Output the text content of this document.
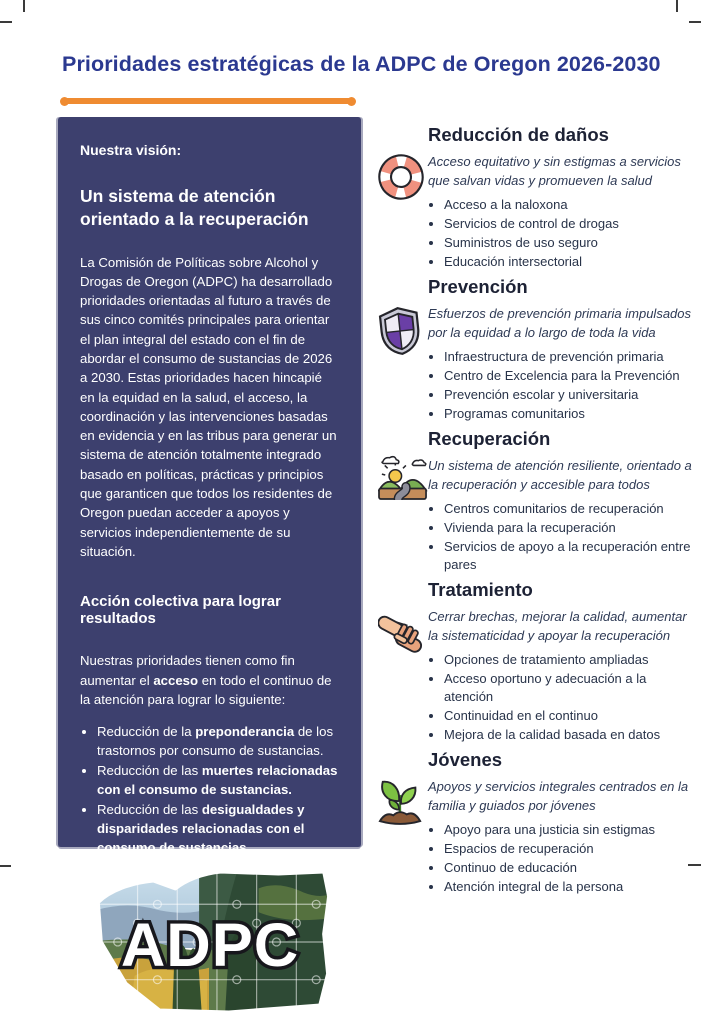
Prioridades estratégicas de la ADPC de Oregon 2026-2030
Nuestra visión:
Un sistema de atención orientado a la recuperación
La Comisión de Políticas sobre Alcohol y Drogas de Oregon (ADPC) ha desarrollado prioridades orientadas al futuro a través de sus cinco comités principales para orientar el plan integral del estado con el fin de abordar el consumo de sustancias de 2026 a 2030. Estas prioridades hacen hincapié en la equidad en la salud, el acceso, la coordinación y las intervenciones basadas en evidencia y en las tribus para generar un sistema de atención totalmente integrado basado en políticas, prácticas y principios que garanticen que todos los residentes de Oregon puedan acceder a apoyos y servicios independientemente de su situación.
Acción colectiva para lograr resultados
Nuestras prioridades tienen como fin aumentar el acceso en todo el continuo de la atención para lograr lo siguiente:
• Reducción de la preponderancia de los trastornos por consumo de sustancias.
• Reducción de las muertes relacionadas con el consumo de sustancias.
• Reducción de las desigualdades y disparidades relacionadas con el consumo de sustancias.
ADPC
Reducción de daños

Acceso equitativo y sin estigmas a servicios que salvan vidas y promueven la salud

• Acceso a la naloxona
• Servicios de control de drogas
• Suministros de uso seguro
• Educación intersectorial
Prevención

Esfuerzos de prevención primaria impulsados por la equidad a lo largo de toda la vida

• Infraestructura de prevención primaria
• Centro de Excelencia para la Prevención
• Prevención escolar y universitaria
• Programas comunitarios
Recuperación

Un sistema de atención resiliente, orientado a la recuperación y accesible para todos

• Centros comunitarios de recuperación
• Vivienda para la recuperación
• Servicios de apoyo a la recuperación entre pares
Tratamiento

Cerrar brechas, mejorar la calidad, aumentar la sistematicidad y apoyar la recuperación

• Opciones de tratamiento ampliadas
• Acceso oportuno y adecuación a la atención
• Continuidad en el continuo
• Mejora de la calidad basada en datos
Jóvenes

Apoyos y servicios integrales centrados en la familia y guiados por jóvenes

• Apoyo para una justicia sin estigmas
• Espacios de recuperación
• Continuo de educación
• Atención integral de la persona
